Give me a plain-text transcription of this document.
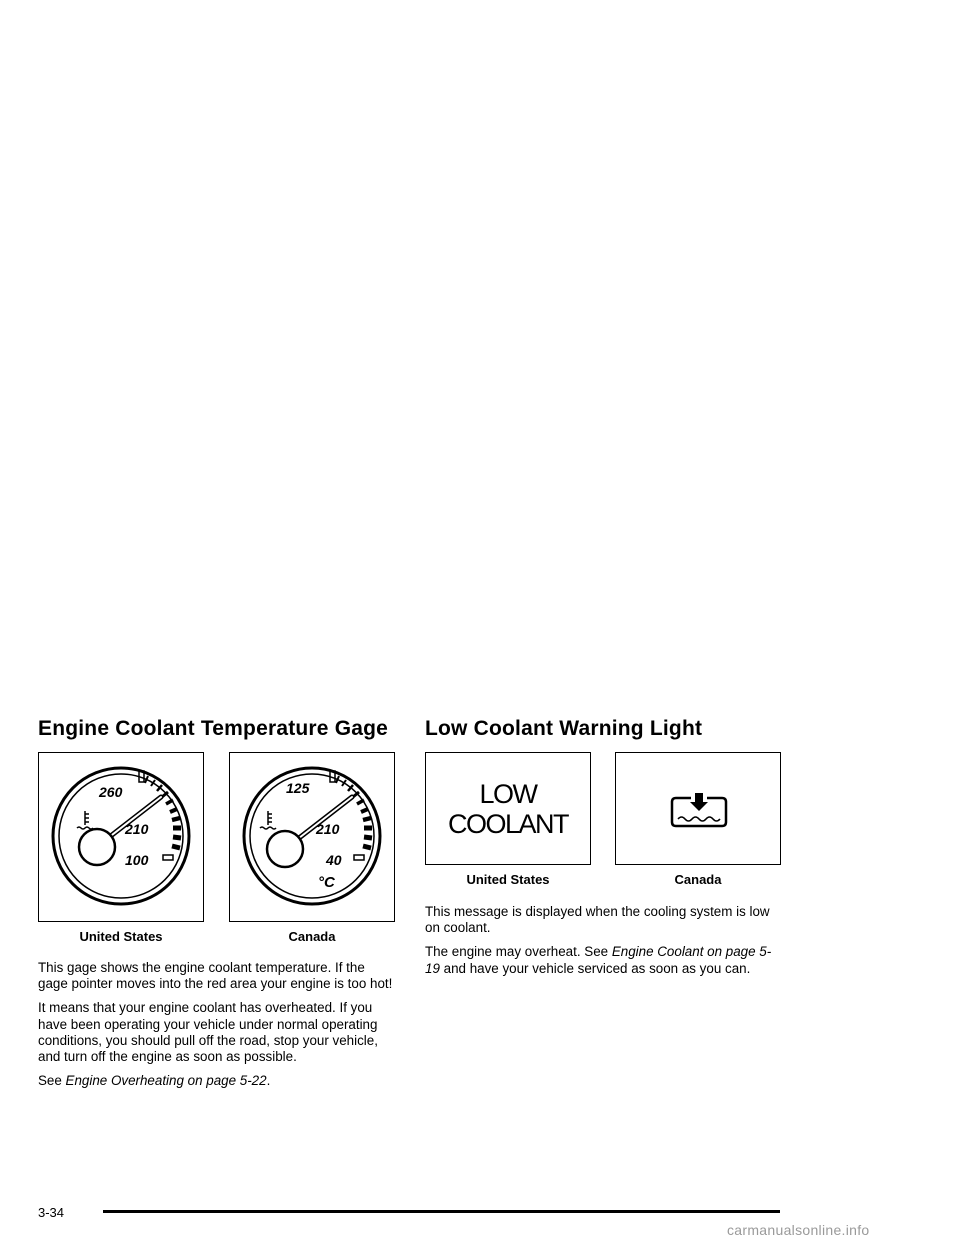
Engine Coolant Temperature Gage
260
210
100
United States
125
210
40
°C
Canada

This gage shows the engine coolant temperature. If the gage pointer moves into the red area your engine is too hot!

It means that your engine coolant has overheated. If you have been operating your vehicle under normal operating conditions, you should pull off the road, stop your vehicle, and turn off the engine as soon as possible.

See Engine Overheating on page 5-22.

Low Coolant Warning Light
LOW
COOLANT
United States	Canada

This message is displayed when the cooling system is low on coolant.

The engine may overheat. See Engine Coolant on page 5-19 and have your vehicle serviced as soon as you can.

3-34
carmanualsonline.info
